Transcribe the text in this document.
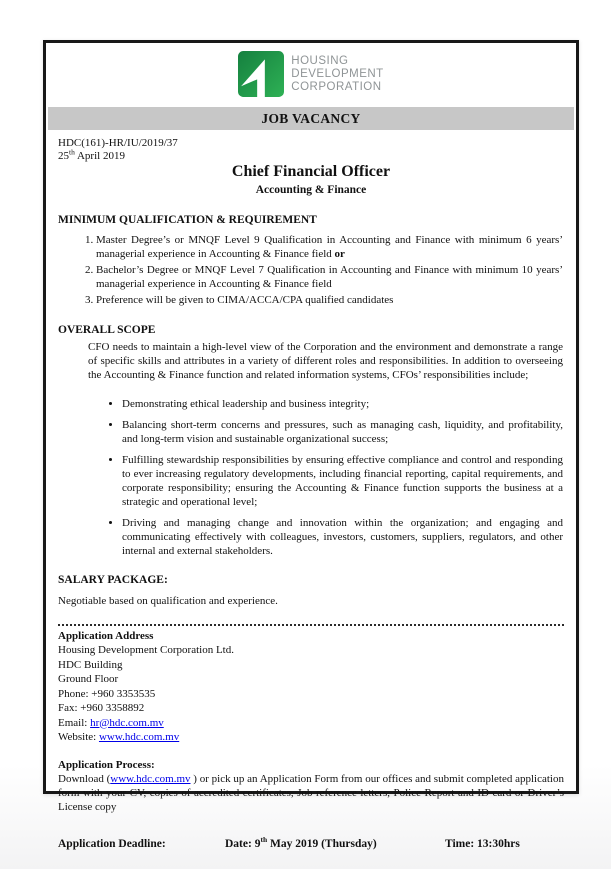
HOUSING
DEVELOPMENT
CORPORATION
JOB VACANCY
HDC(161)-HR/IU/2019/37
25th April 2019
Chief Financial Officer
Accounting & Finance
MINIMUM QUALIFICATION & REQUIREMENT
1. Master Degree’s or MNQF Level 9 Qualification in Accounting and Finance with minimum 6 years’ managerial experience in Accounting & Finance field or
2. Bachelor’s Degree or MNQF Level 7 Qualification in Accounting and Finance with minimum 10 years’ managerial experience in Accounting & Finance field
3. Preference will be given to CIMA/ACCA/CPA qualified candidates
OVERALL SCOPE
CFO needs to maintain a high-level view of the Corporation and the environment and demonstrate a range of specific skills and attributes in a variety of different roles and responsibilities. In addition to overseeing the Accounting & Finance function and related information systems, CFOs’ responsibilities include;
• Demonstrating ethical leadership and business integrity;
• Balancing short-term concerns and pressures, such as managing cash, liquidity, and profitability, and long-term vision and sustainable organizational success;
• Fulfilling stewardship responsibilities by ensuring effective compliance and control and responding to ever increasing regulatory developments, including financial reporting, capital requirements, and corporate responsibility; ensuring the Accounting & Finance function supports the business at a strategic and operational level;
• Driving and managing change and innovation within the organization; and engaging and communicating effectively with colleagues, investors, customers, suppliers, regulators, and other internal and external stakeholders.
SALARY PACKAGE:
Negotiable based on qualification and experience.
Application Address
Housing Development Corporation Ltd.
HDC Building
Ground Floor
Phone: +960 3353535
Fax: +960 3358892
Email: hr@hdc.com.mv
Website: www.hdc.com.mv
Application Process:
Download (www.hdc.com.mv ) or pick up an Application Form from our offices and submit completed application form with your CV, copies of accredited certificates, Job reference letters, Police Report and ID card or Driver’s License copy
Application Deadline:	Date: 9th May 2019 (Thursday)	Time: 13:30hrs
